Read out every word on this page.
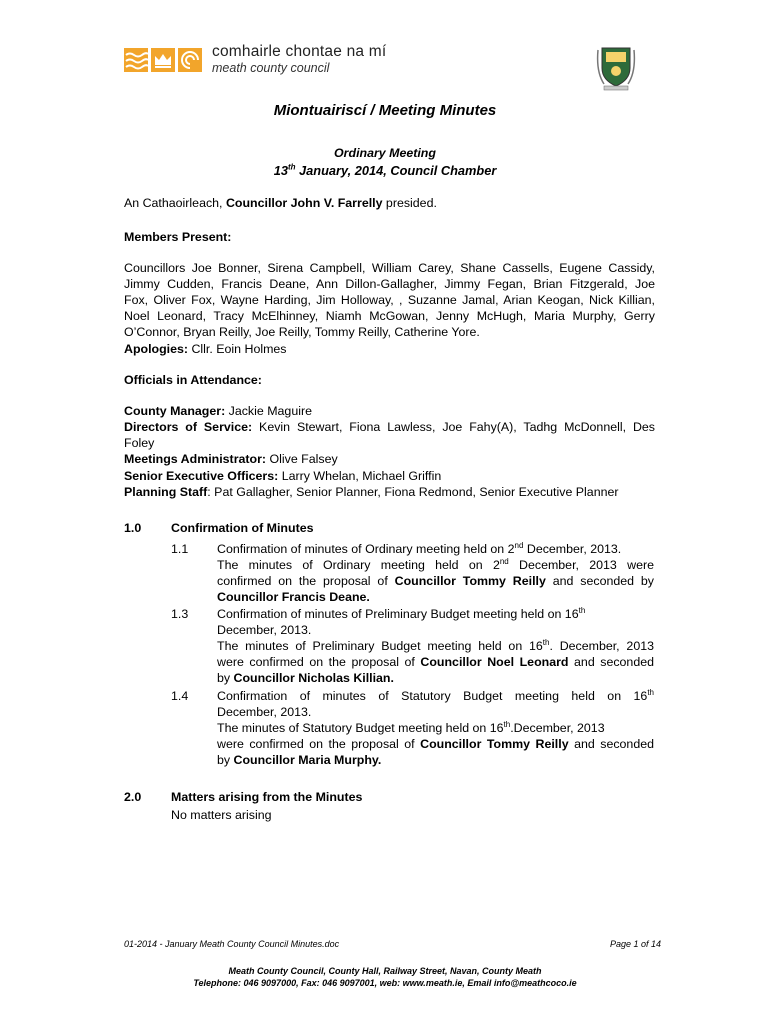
comhairle chontae na mí
meath county council
Miontuairiscí / Meeting Minutes
Ordinary Meeting
13th January, 2014, Council Chamber
An Cathaoirleach, Councillor John V. Farrelly presided.
Members Present:
Councillors Joe Bonner, Sirena Campbell, William Carey, Shane Cassells, Eugene Cassidy,
Jimmy Cudden, Francis Deane, Ann Dillon-Gallagher, Jimmy Fegan, Brian Fitzgerald, Joe
Fox, Oliver Fox, Wayne Harding, Jim Holloway, , Suzanne Jamal, Arian Keogan, Nick Killian,
Noel Leonard, Tracy McElhinney, Niamh McGowan, Jenny McHugh, Maria Murphy, Gerry
O’Connor, Bryan Reilly, Joe Reilly, Tommy Reilly, Catherine Yore.
Apologies: Cllr. Eoin Holmes
Officials in Attendance:
County Manager: Jackie Maguire
Directors of Service: Kevin Stewart, Fiona Lawless, Joe Fahy(A), Tadhg McDonnell, Des
Foley
Meetings Administrator: Olive Falsey
Senior Executive Officers: Larry Whelan, Michael Griffin
Planning Staff: Pat Gallagher, Senior Planner, Fiona Redmond, Senior Executive Planner
1.0 Confirmation of Minutes
1.1 Confirmation of minutes of Ordinary meeting held on 2nd December, 2013.
The minutes of Ordinary meeting held on 2nd December, 2013 were
confirmed on the proposal of Councillor Tommy Reilly and seconded by
Councillor Francis Deane.
1.3 Confirmation of minutes of Preliminary Budget meeting held on 16th
December, 2013.
The minutes of Preliminary Budget meeting held on 16th. December, 2013
were confirmed on the proposal of Councillor Noel Leonard and seconded
by Councillor Nicholas Killian.
1.4 Confirmation of minutes of Statutory Budget meeting held on 16th
December, 2013.
The minutes of Statutory Budget meeting held on 16th.December, 2013
were confirmed on the proposal of Councillor Tommy Reilly and seconded
by Councillor Maria Murphy.
2.0 Matters arising from the Minutes
No matters arising
01-2014 - January Meath County Council Minutes.doc	Page 1 of 14
Meath County Council, County Hall, Railway Street, Navan, County Meath
Telephone: 046 9097000, Fax: 046 9097001, web: www.meath.ie, Email info@meathcoco.ie
